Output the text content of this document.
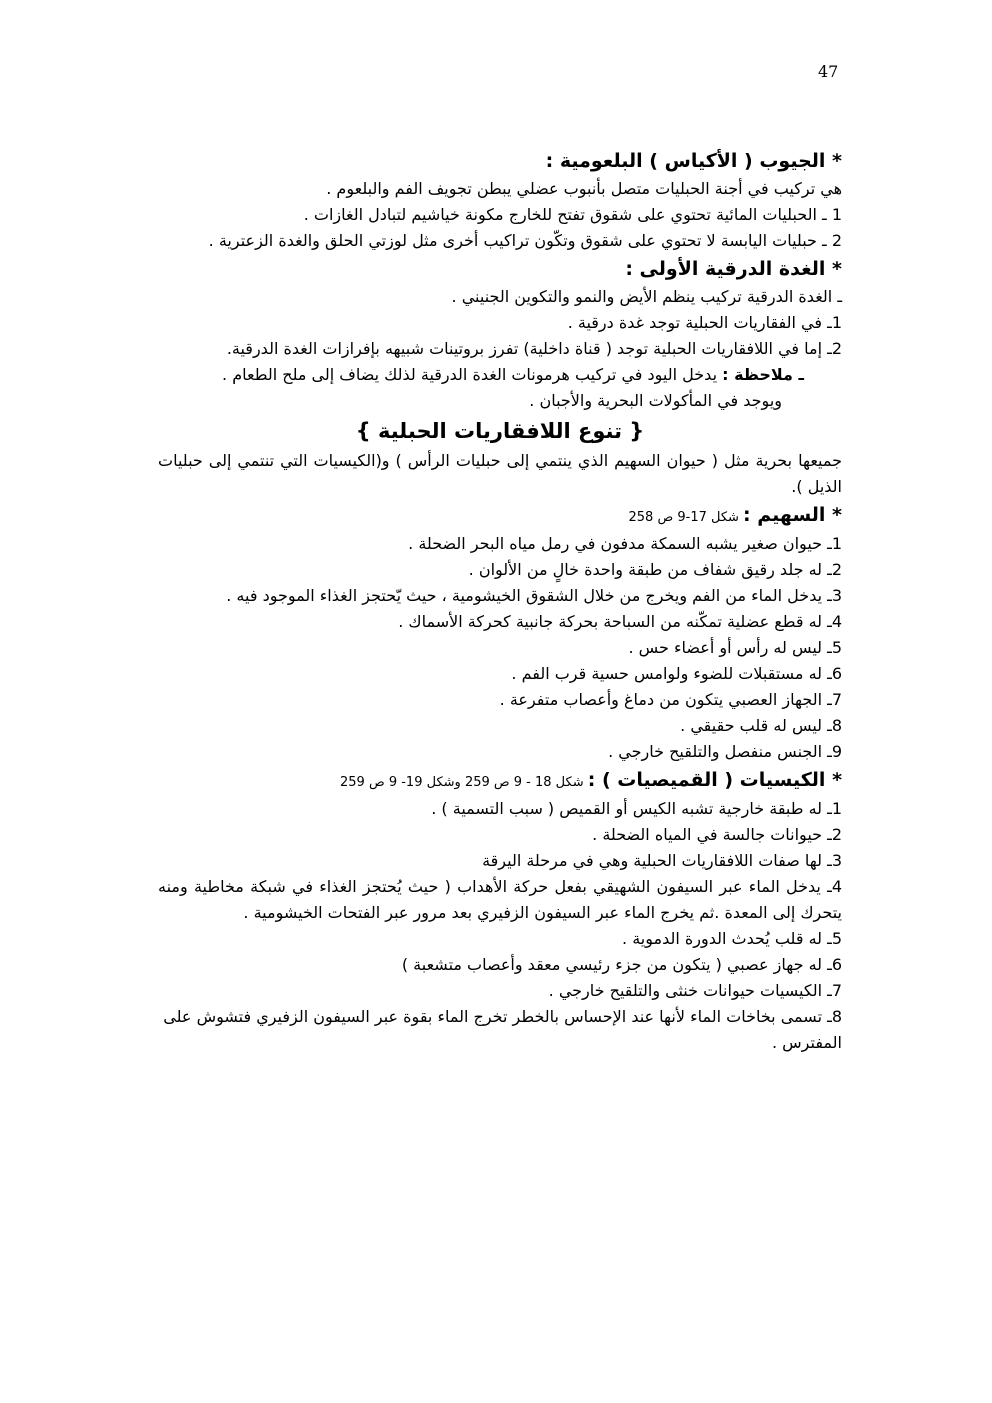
47

* الجيوب ( الأكياس ) البلعومية :

هي تركيب في أجنة الحبليات متصل بأنبوب عضلي يبطن تجويف الفم والبلعوم .

1 ـ الحبليات المائية تحتوي على شقوق تفتح للخارج مكونة خياشيم لتبادل الغازات .

2 ـ حبليات اليابسة لا تحتوي على شقوق وتكّون تراكيب أخرى مثل لوزتي الحلق والغدة الزعترية .

* الغدة الدرقية الأولى :

ـ الغدة الدرقية تركيب ينظم الأيض والنمو والتكوين الجنيني .

1ـ في الفقاريات الحبلية توجد غدة درقية .

2ـ إما في اللافقاريات الحبلية توجد ( قناة داخلية) تفرز بروتينات شبيهه بإفرازات الغدة الدرقية.

ـ ملاحظة : يدخل اليود في تركيب هرمونات الغدة الدرقية لذلك يضاف إلى ملح الطعام .

ويوجد في المأكولات البحرية والأجبان .

{ تنوع اللافقاريات الحبلية }

جميعها بحرية مثل ( حيوان السهيم الذي ينتمي إلى حبليات الرأس ) و(الكيسيات التي تنتمي إلى حبليات الذيل ).

* السهيم : شكل 17-9 ص 258

1ـ حيوان صغير يشبه السمكة مدفون في رمل مياه البحر الضحلة .

2ـ له جلد رقيق شفاف من طبقة واحدة خالٍ من الألوان .

3ـ يدخل الماء من الفم ويخرج من خلال الشقوق الخيشومية ، حيث يّحتجز الغذاء الموجود فيه .

4ـ له قطع عضلية تمكّنه من السباحة بحركة جانبية كحركة الأسماك .

5ـ ليس له رأس أو أعضاء حس .

6ـ له مستقبلات للضوء ولوامس حسية قرب الفم .

7ـ الجهاز العصبي يتكون من دماغ وأعصاب متفرعة .

8ـ ليس له قلب حقيقي .

9ـ الجنس منفصل والتلقيح خارجي .

* الكيسيات ( القميصيات ) : شكل 18 - 9 ص 259 وشكل 19- 9 ص 259

1ـ له طبقة خارجية تشبه الكيس أو القميص ( سبب التسمية ) .

2ـ حيوانات جالسة في المياه الضحلة .

3ـ لها صفات اللافقاريات الحبلية وهي في مرحلة اليرقة

4ـ يدخل الماء عبر السيفون الشهيقي بفعل حركة الأهداب ( حيث يُحتجز الغذاء في شبكة مخاطية ومنه يتحرك إلى المعدة .ثم يخرج الماء عبر السيفون الزفيري بعد مرور عبر الفتحات الخيشومية .

5ـ له قلب يُحدث الدورة الدموية .

6ـ له جهاز عصبي ( يتكون من جزء رئيسي معقد وأعصاب متشعبة )

7ـ الكيسيات حيوانات خنثى والتلقيح خارجي .

8ـ تسمى بخاخات الماء لأنها عند الإحساس بالخطر تخرج الماء بقوة عبر السيفون الزفيري فتشوش على المفترس .
